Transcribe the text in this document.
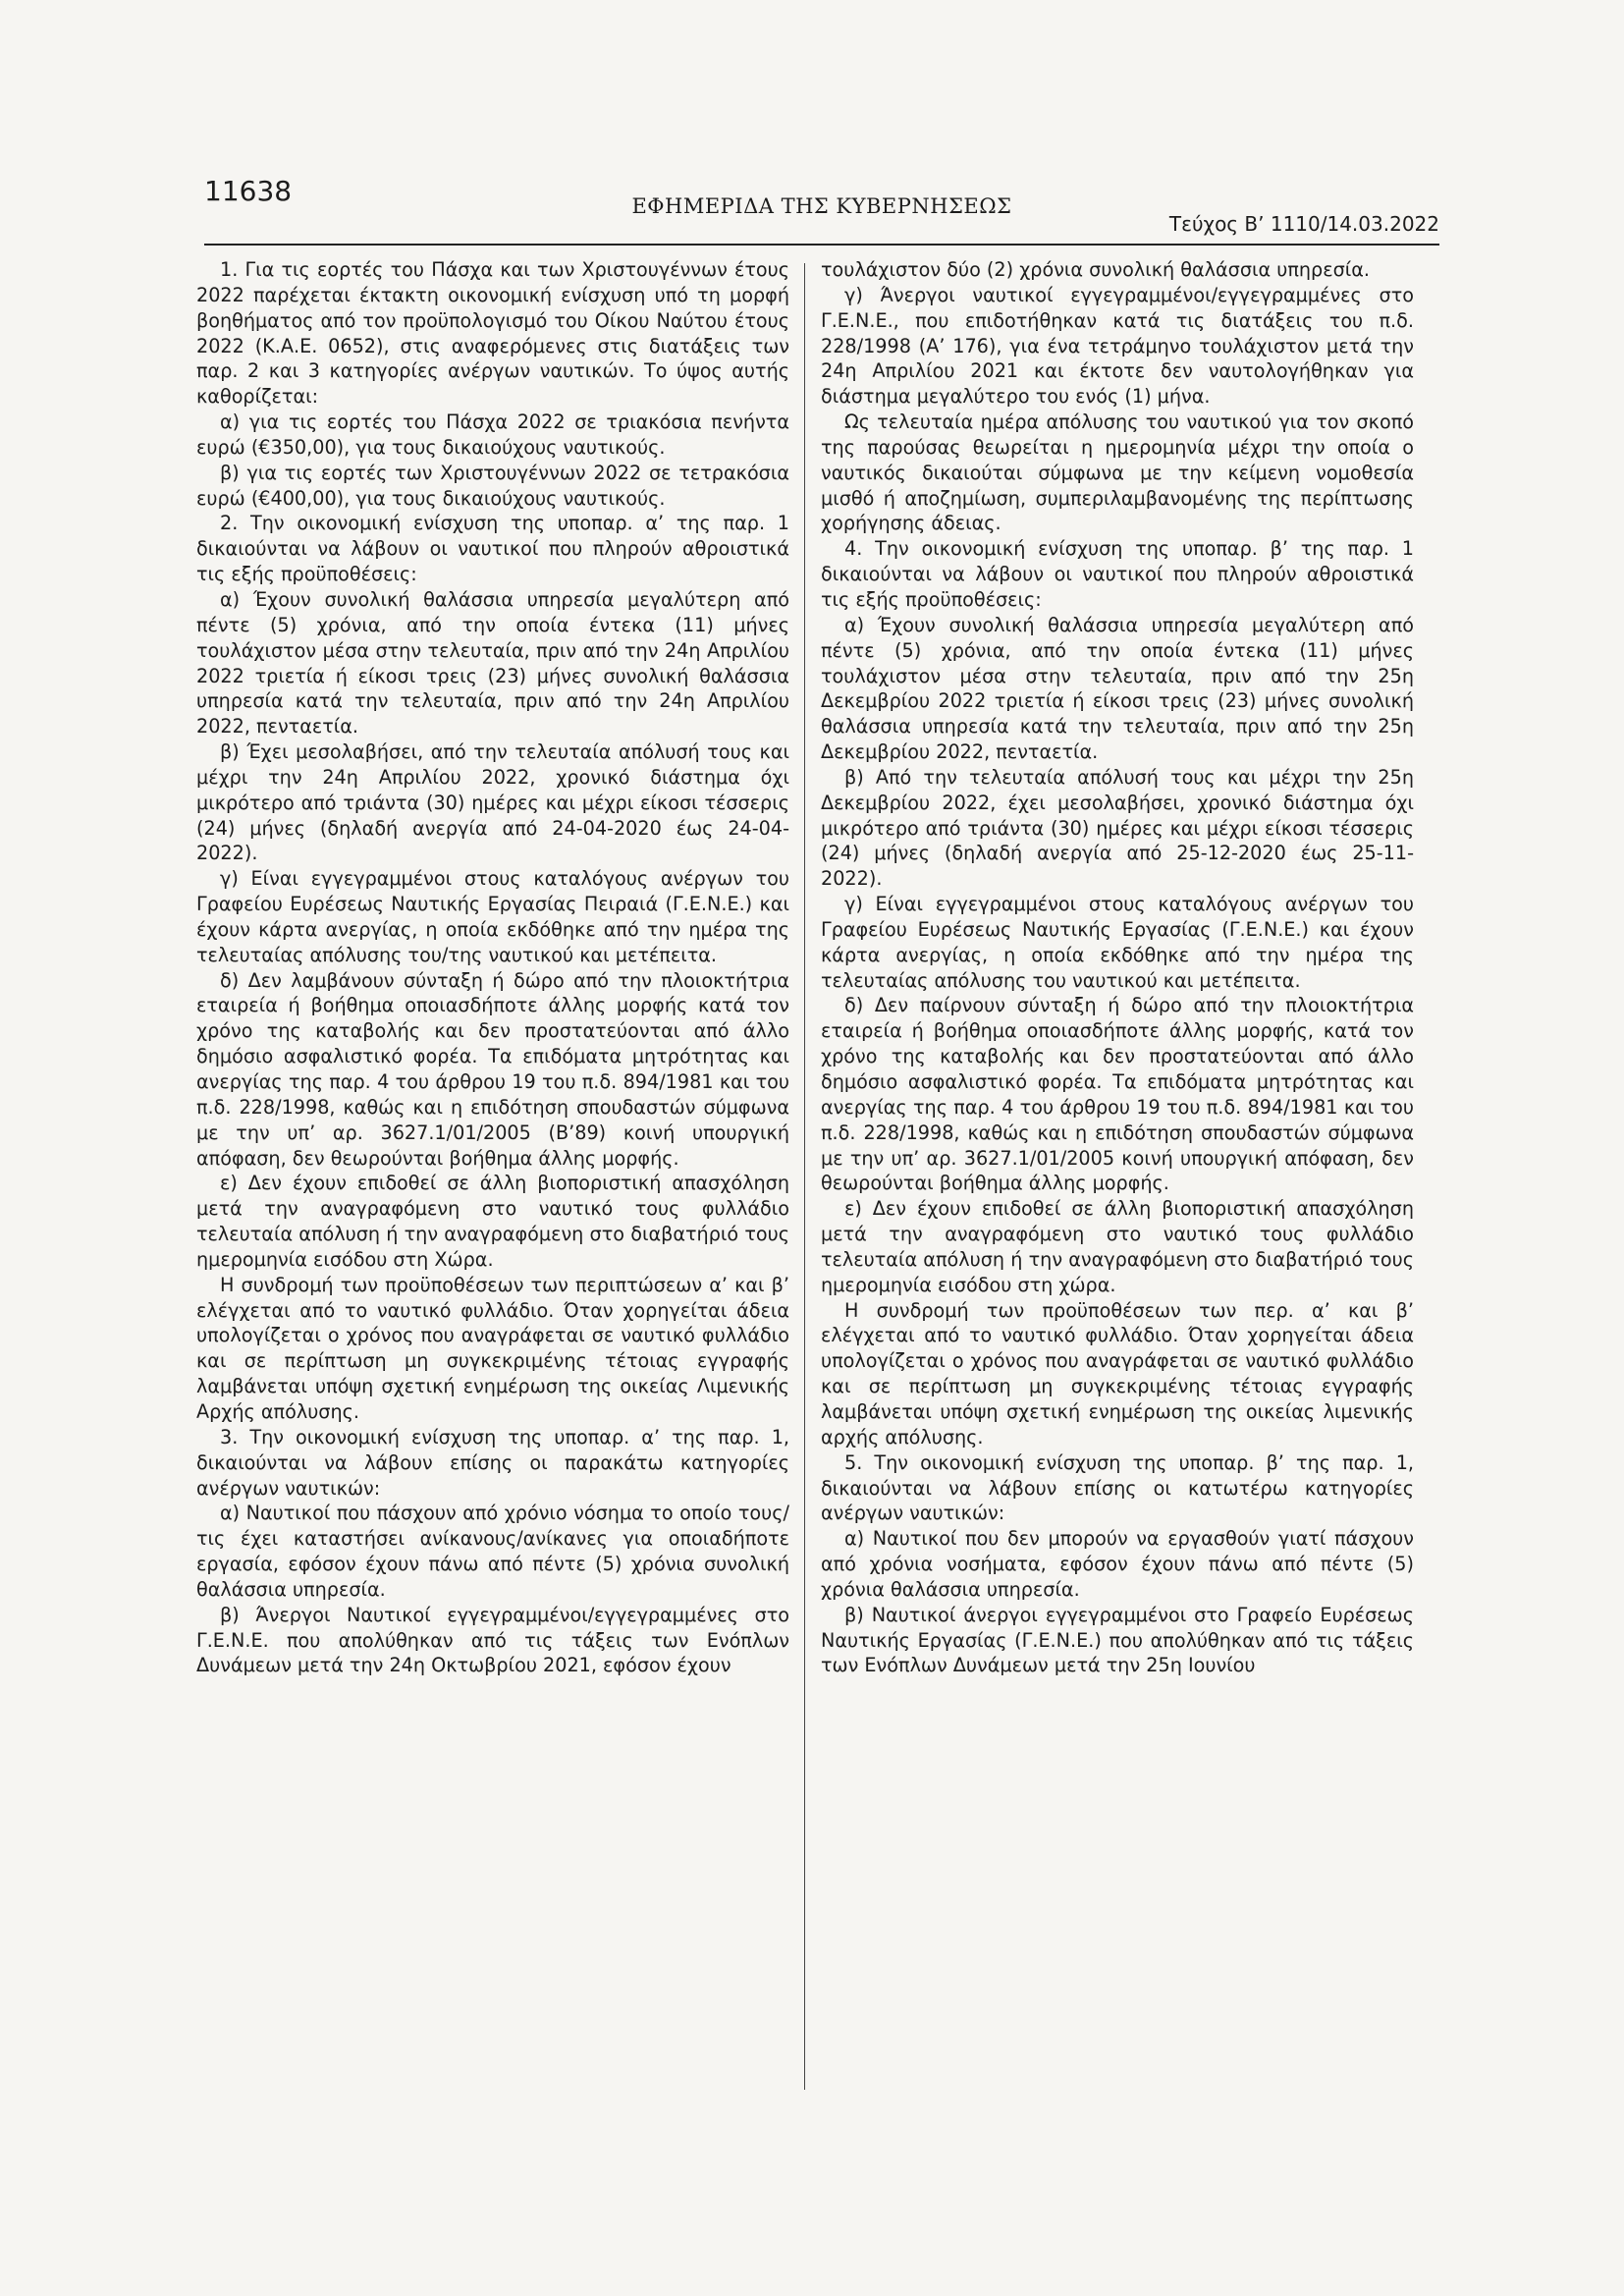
11638	ΕΦΗΜΕΡΙΔΑ ΤΗΣ ΚΥΒΕΡΝΗΣΕΩΣ
Τεύχος Β’ 1110/14.03.2022

1. Για τις εορτές του Πάσχα και των Χριστουγέννων έτους 2022 παρέχεται έκτακτη οικονομική ενίσχυση υπό τη μορφή βοηθήματος από τον προϋπολογισμό του Οίκου Ναύτου έτους 2022 (Κ.Α.Ε. 0652), στις αναφερόμενες στις διατάξεις των παρ. 2 και 3 κατηγορίες ανέργων ναυτικών. Το ύψος αυτής καθορίζεται:

α) για τις εορτές του Πάσχα 2022 σε τριακόσια πενήντα ευρώ (€350,00), για τους δικαιούχους ναυτικούς.

β) για τις εορτές των Χριστουγέννων 2022 σε τετρακόσια ευρώ (€400,00), για τους δικαιούχους ναυτικούς.

2. Την οικονομική ενίσχυση της υποπαρ. α’ της παρ. 1 δικαιούνται να λάβουν οι ναυτικοί που πληρούν αθροιστικά τις εξής προϋποθέσεις:

α) Έχουν συνολική θαλάσσια υπηρεσία μεγαλύτερη από πέντε (5) χρόνια, από την οποία έντεκα (11) μήνες τουλάχιστον μέσα στην τελευταία, πριν από την 24η Απριλίου 2022 τριετία ή είκοσι τρεις (23) μήνες συνολική θαλάσσια υπηρεσία κατά την τελευταία, πριν από την 24η Απριλίου 2022, πενταετία.

β) Έχει μεσολαβήσει, από την τελευταία απόλυσή τους και μέχρι την 24η Απριλίου 2022, χρονικό διάστημα όχι μικρότερο από τριάντα (30) ημέρες και μέχρι είκοσι τέσσερις (24) μήνες (δηλαδή ανεργία από 24-04-2020 έως 24-04-2022).

γ) Είναι εγγεγραμμένοι στους καταλόγους ανέργων του Γραφείου Ευρέσεως Ναυτικής Εργασίας Πειραιά (Γ.Ε.Ν.Ε.) και έχουν κάρτα ανεργίας, η οποία εκδόθηκε από την ημέρα της τελευταίας απόλυσης του/της ναυτικού και μετέπειτα.

δ) Δεν λαμβάνουν σύνταξη ή δώρο από την πλοιοκτήτρια εταιρεία ή βοήθημα οποιασδήποτε άλλης μορφής κατά τον χρόνο της καταβολής και δεν προστατεύονται από άλλο δημόσιο ασφαλιστικό φορέα. Τα επιδόματα μητρότητας και ανεργίας της παρ. 4 του άρθρου 19 του π.δ. 894/1981 και του π.δ. 228/1998, καθώς και η επιδότηση σπουδαστών σύμφωνα με την υπ’ αρ. 3627.1/01/2005 (Β’89) κοινή υπουργική απόφαση, δεν θεωρούνται βοήθημα άλλης μορφής.

ε) Δεν έχουν επιδοθεί σε άλλη βιοποριστική απασχόληση μετά την αναγραφόμενη στο ναυτικό τους φυλλάδιο τελευταία απόλυση ή την αναγραφόμενη στο διαβατήριό τους ημερομηνία εισόδου στη Χώρα.

Η συνδρομή των προϋποθέσεων των περιπτώσεων α’ και β’ ελέγχεται από το ναυτικό φυλλάδιο. Όταν χορηγείται άδεια υπολογίζεται ο χρόνος που αναγράφεται σε ναυτικό φυλλάδιο και σε περίπτωση μη συγκεκριμένης τέτοιας εγγραφής λαμβάνεται υπόψη σχετική ενημέρωση της οικείας Λιμενικής Αρχής απόλυσης.

3. Την οικονομική ενίσχυση της υποπαρ. α’ της παρ. 1, δικαιούνται να λάβουν επίσης οι παρακάτω κατηγορίες ανέργων ναυτικών:

α) Ναυτικοί που πάσχουν από χρόνιο νόσημα το οποίο τους/τις έχει καταστήσει ανίκανους/ανίκανες για οποιαδήποτε εργασία, εφόσον έχουν πάνω από πέντε (5) χρόνια συνολική θαλάσσια υπηρεσία.

β) Άνεργοι Ναυτικοί εγγεγραμμένοι/εγγεγραμμένες στο Γ.Ε.Ν.Ε. που απολύθηκαν από τις τάξεις των Ενόπλων Δυνάμεων μετά την 24η Οκτωβρίου 2021, εφόσον έχουν

τουλάχιστον δύο (2) χρόνια συνολική θαλάσσια υπηρεσία.

γ) Άνεργοι ναυτικοί εγγεγραμμένοι/εγγεγραμμένες στο Γ.Ε.Ν.Ε., που επιδοτήθηκαν κατά τις διατάξεις του π.δ. 228/1998 (Α’ 176), για ένα τετράμηνο τουλάχιστον μετά την 24η Απριλίου 2021 και έκτοτε δεν ναυτολογήθηκαν για διάστημα μεγαλύτερο του ενός (1) μήνα.

Ως τελευταία ημέρα απόλυσης του ναυτικού για τον σκοπό της παρούσας θεωρείται η ημερομηνία μέχρι την οποία ο ναυτικός δικαιούται σύμφωνα με την κείμενη νομοθεσία μισθό ή αποζημίωση, συμπεριλαμβανομένης της περίπτωσης χορήγησης άδειας.

4. Την οικονομική ενίσχυση της υποπαρ. β’ της παρ. 1 δικαιούνται να λάβουν οι ναυτικοί που πληρούν αθροιστικά τις εξής προϋποθέσεις:

α) Έχουν συνολική θαλάσσια υπηρεσία μεγαλύτερη από πέντε (5) χρόνια, από την οποία έντεκα (11) μήνες τουλάχιστον μέσα στην τελευταία, πριν από την 25η Δεκεμβρίου 2022 τριετία ή είκοσι τρεις (23) μήνες συνολική θαλάσσια υπηρεσία κατά την τελευταία, πριν από την 25η Δεκεμβρίου 2022, πενταετία.

β) Από την τελευταία απόλυσή τους και μέχρι την 25η Δεκεμβρίου 2022, έχει μεσολαβήσει, χρονικό διάστημα όχι μικρότερο από τριάντα (30) ημέρες και μέχρι είκοσι τέσσερις (24) μήνες (δηλαδή ανεργία από 25-12-2020 έως 25-11-2022).

γ) Είναι εγγεγραμμένοι στους καταλόγους ανέργων του Γραφείου Ευρέσεως Ναυτικής Εργασίας (Γ.Ε.Ν.Ε.) και έχουν κάρτα ανεργίας, η οποία εκδόθηκε από την ημέρα της τελευταίας απόλυσης του ναυτικού και μετέπειτα.

δ) Δεν παίρνουν σύνταξη ή δώρο από την πλοιοκτήτρια εταιρεία ή βοήθημα οποιασδήποτε άλλης μορφής, κατά τον χρόνο της καταβολής και δεν προστατεύονται από άλλο δημόσιο ασφαλιστικό φορέα. Τα επιδόματα μητρότητας και ανεργίας της παρ. 4 του άρθρου 19 του π.δ. 894/1981 και του π.δ. 228/1998, καθώς και η επιδότηση σπουδαστών σύμφωνα με την υπ’ αρ. 3627.1/01/2005 κοινή υπουργική απόφαση, δεν θεωρούνται βοήθημα άλλης μορφής.

ε) Δεν έχουν επιδοθεί σε άλλη βιοποριστική απασχόληση μετά την αναγραφόμενη στο ναυτικό τους φυλλάδιο τελευταία απόλυση ή την αναγραφόμενη στο διαβατήριό τους ημερομηνία εισόδου στη χώρα.

Η συνδρομή των προϋποθέσεων των περ. α’ και β’ ελέγχεται από το ναυτικό φυλλάδιο. Όταν χορηγείται άδεια υπολογίζεται ο χρόνος που αναγράφεται σε ναυτικό φυλλάδιο και σε περίπτωση μη συγκεκριμένης τέτοιας εγγραφής λαμβάνεται υπόψη σχετική ενημέρωση της οικείας λιμενικής αρχής απόλυσης.

5. Την οικονομική ενίσχυση της υποπαρ. β’ της παρ. 1, δικαιούνται να λάβουν επίσης οι κατωτέρω κατηγορίες ανέργων ναυτικών:

α) Ναυτικοί που δεν μπορούν να εργασθούν γιατί πάσχουν από χρόνια νοσήματα, εφόσον έχουν πάνω από πέντε (5) χρόνια θαλάσσια υπηρεσία.

β) Ναυτικοί άνεργοι εγγεγραμμένοι στο Γραφείο Ευρέσεως Ναυτικής Εργασίας (Γ.Ε.Ν.Ε.) που απολύθηκαν από τις τάξεις των Ενόπλων Δυνάμεων μετά την 25η Ιουνίου
